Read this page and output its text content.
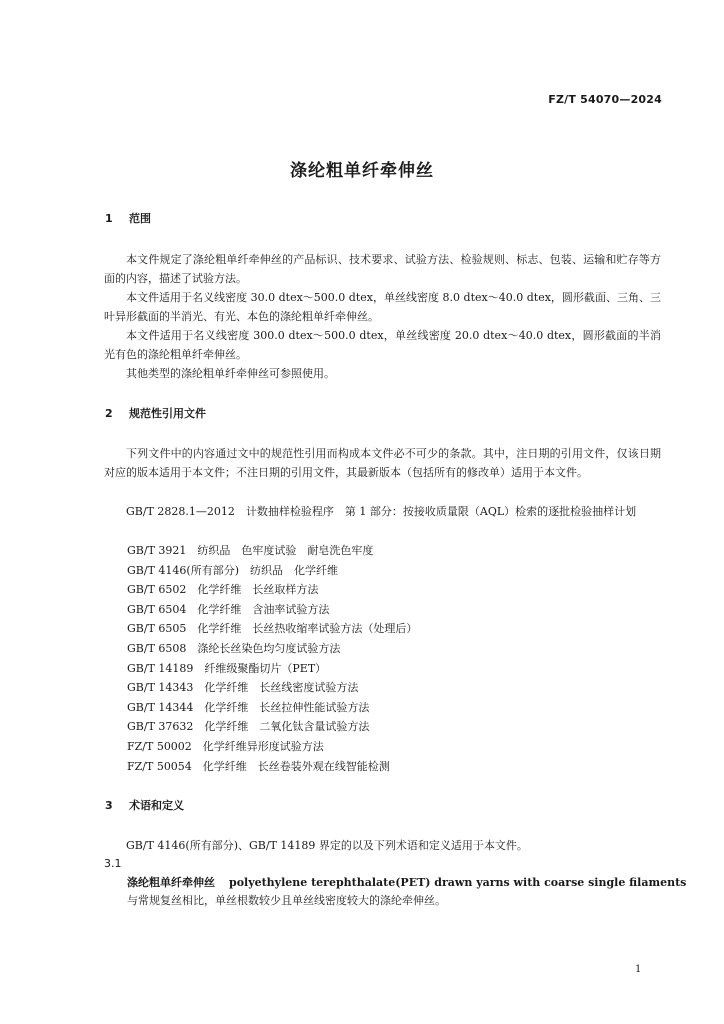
FZ/T 54070—2024
涤纶粗单纤牵伸丝
1 范围
本文件规定了涤纶粗单纤牵伸丝的产品标识、技术要求、试验方法、检验规则、标志、包装、运输和贮存等方面的内容，描述了试验方法。
本文件适用于名义线密度 30.0 dtex～500.0 dtex，单丝线密度 8.0 dtex～40.0 dtex，圆形截面、三角、三叶异形截面的半消光、有光、本色的涤纶粗单纤牵伸丝。
本文件适用于名义线密度 300.0 dtex～500.0 dtex，单丝线密度 20.0 dtex～40.0 dtex，圆形截面的半消光有色的涤纶粗单纤牵伸丝。
其他类型的涤纶粗单纤牵伸丝可参照使用。
2 规范性引用文件
下列文件中的内容通过文中的规范性引用而构成本文件必不可少的条款。其中，注日期的引用文件，仅该日期对应的版本适用于本文件；不注日期的引用文件，其最新版本（包括所有的修改单）适用于本文件。
GB/T 2828.1—2012　计数抽样检验程序　第 1 部分：按接收质量限（AQL）检索的逐批检验抽样计划
GB/T 3921　纺织品　色牢度试验　耐皂洗色牢度
GB/T 4146(所有部分)　纺织品　化学纤维
GB/T 6502　化学纤维　长丝取样方法
GB/T 6504　化学纤维　含油率试验方法
GB/T 6505　化学纤维　长丝热收缩率试验方法（处理后）
GB/T 6508　涤纶长丝染色均匀度试验方法
GB/T 14189　纤维级聚酯切片（PET）
GB/T 14343　化学纤维　长丝线密度试验方法
GB/T 14344　化学纤维　长丝拉伸性能试验方法
GB/T 37632　化学纤维　二氧化钛含量试验方法
FZ/T 50002　化学纤维异形度试验方法
FZ/T 50054　化学纤维　长丝卷装外观在线智能检测
3 术语和定义
GB/T 4146(所有部分)、GB/T 14189 界定的以及下列术语和定义适用于本文件。
3.1
涤纶粗单纤牵伸丝 polyethylene terephthalate(PET) drawn yarns with coarse single filaments
与常规复丝相比，单丝根数较少且单丝线密度较大的涤纶牵伸丝。
1
